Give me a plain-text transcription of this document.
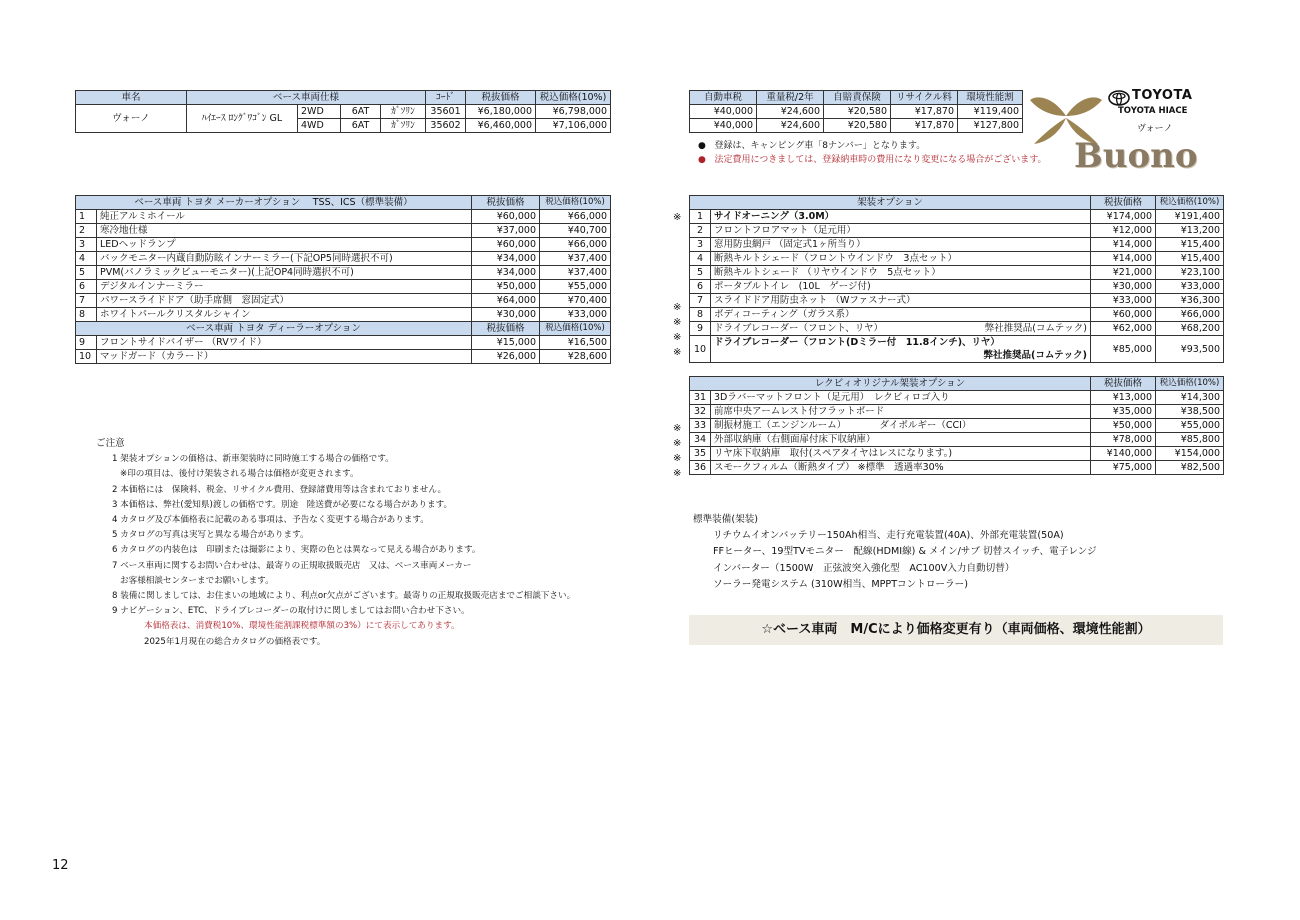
車名	ベース車両仕様				ｺｰﾄﾞ	税抜価格	税込価格(10%)
ヴォーノ	ﾊｲｴｰｽ ﾛﾝｸﾞﾜｺﾞﾝ GL	2WD	6AT	ｶﾞｿﾘﾝ	35601	¥6,180,000	¥6,798,000
		4WD	6AT	ｶﾞｿﾘﾝ	35602	¥6,460,000	¥7,106,000
自動車税	重量税/2年	自賠責保険	リサイクル料	環境性能割
¥40,000	¥24,600	¥20,580	¥17,870	¥119,400
¥40,000	¥24,600	¥20,580	¥17,870	¥127,800
● 登録は、キャンピング車「8ナンバー」となります。
● 法定費用につきましては、登録納車時の費用になり変更になる場合がございます。
TOYOTA
TOYOTA HIACE
ヴォーノ
Buono
ベース車両 トヨタ メーカーオプション　 TSS、ICS（標準装備）		税抜価格	税込価格(10%)
1	純正アルミホイール	¥60,000	¥66,000
2	寒冷地仕様	¥37,000	¥40,700
3	LEDヘッドランプ	¥60,000	¥66,000
4	バックモニター内蔵自動防眩インナーミラー(下記OP5同時選択不可)	¥34,000	¥37,400
5	PVM(パノラミックビューモニター)(上記OP4同時選択不可)	¥34,000	¥37,400
6	デジタルインナーミラー	¥50,000	¥55,000
7	パワースライドドア（助手席側　窓固定式）	¥64,000	¥70,400
8	ホワイトパールクリスタルシャイン	¥30,000	¥33,000
ベース車両 トヨタ ディーラーオプション		税抜価格	税込価格(10%)
9	フロントサイドバイザー （RVワイド）	¥15,000	¥16,500
10	マッドガード（カラード）	¥26,000	¥28,600
※
※
※
※
※
架装オプション		税抜価格	税込価格(10%)
1	サイドオーニング（3.0M）	¥174,000	¥191,400
2	フロントフロアマット（足元用）	¥12,000	¥13,200
3	窓用防虫網戸 （固定式1ヶ所当り）	¥14,000	¥15,400
4	断熱キルトシェード（フロントウインドウ　3点セット）	¥14,000	¥15,400
5	断熱キルトシェード （リヤウインドウ　5点セット）	¥21,000	¥23,100
6	ポータブルトイレ　(10L　ゲージ付)	¥30,000	¥33,000
7	スライドドア用防虫ネット （Wファスナー式）	¥33,000	¥36,300
8	ボディコーティング（ガラス系）	¥60,000	¥66,000
9	ドライブレコーダー（フロント、リヤ） 弊社推奨品(コムテック)	¥62,000	¥68,200
10	ドライブレコーダー（フロント(Dミラー付　11.8インチ)、リヤ）
弊社推奨品(コムテック)	¥85,000	¥93,500
※
※
※
※
レクビィオリジナル架装オプション		税抜価格	税込価格(10%)
31	3Dラバーマットフロント（足元用）　レクビィロゴ入り	¥13,000	¥14,300
32	前席中央アームレスト付フラットボード	¥35,000	¥38,500
33	制振材施工（エンジンルーム）　　　　ダイボルギー（CCI）	¥50,000	¥55,000
34	外部収納庫（右側面扉付床下収納庫）	¥78,000	¥85,800
35	リヤ床下収納庫　取付(スペアタイヤはレスになります。)	¥140,000	¥154,000
36	スモークフィルム（断熱タイプ） ※標準　透過率30%	¥75,000	¥82,500
ご注意
1 架装オプションの価格は、新車架装時に同時施工する場合の価格です。
※印の項目は、後付け架装される場合は価格が変更されます。
2 本価格には　保険料、税金、リサイクル費用、登録諸費用等は含まれておりません。
3 本価格は、弊社(愛知県)渡しの価格です。別途　陸送費が必要になる場合があります。
4 カタログ及び本価格表に記載のある事項は、予告なく変更する場合があります。
5 カタログの写真は実写と異なる場合があります。
6 カタログの内装色は　印刷または撮影により、実際の色とは異なって見える場合があります。
7 ベース車両に関するお問い合わせは、最寄りの正規取扱販売店　又は、ベース車両メーカー
お客様相談センターまでお願いします。
8 装備に関しましては、お住まいの地域により、利点or欠点がございます。最寄りの正規取扱販売店までご相談下さい。
9 ナビゲーション、ETC、ドライブレコーダーの取付けに関しましてはお問い合わせ下さい。
本価格表は、消費税10%、環境性能割課税標準額の3%）にて表示してあります。
2025年1月現在の総合カタログの価格表です。
標準装備(架装)
リチウムイオンバッテリー150Ah相当、走行充電装置(40A)、外部充電装置(50A)
FFヒーター、19型TVモニター　配線(HDMI線) & メイン/サブ 切替スイッチ、電子レンジ
インバーター（1500W　正弦波突入強化型　AC100V入力自動切替）
ソーラー発電システム (310W相当、MPPTコントローラー)
☆ベース車両　M/Cにより価格変更有り（車両価格、環境性能割）
12
